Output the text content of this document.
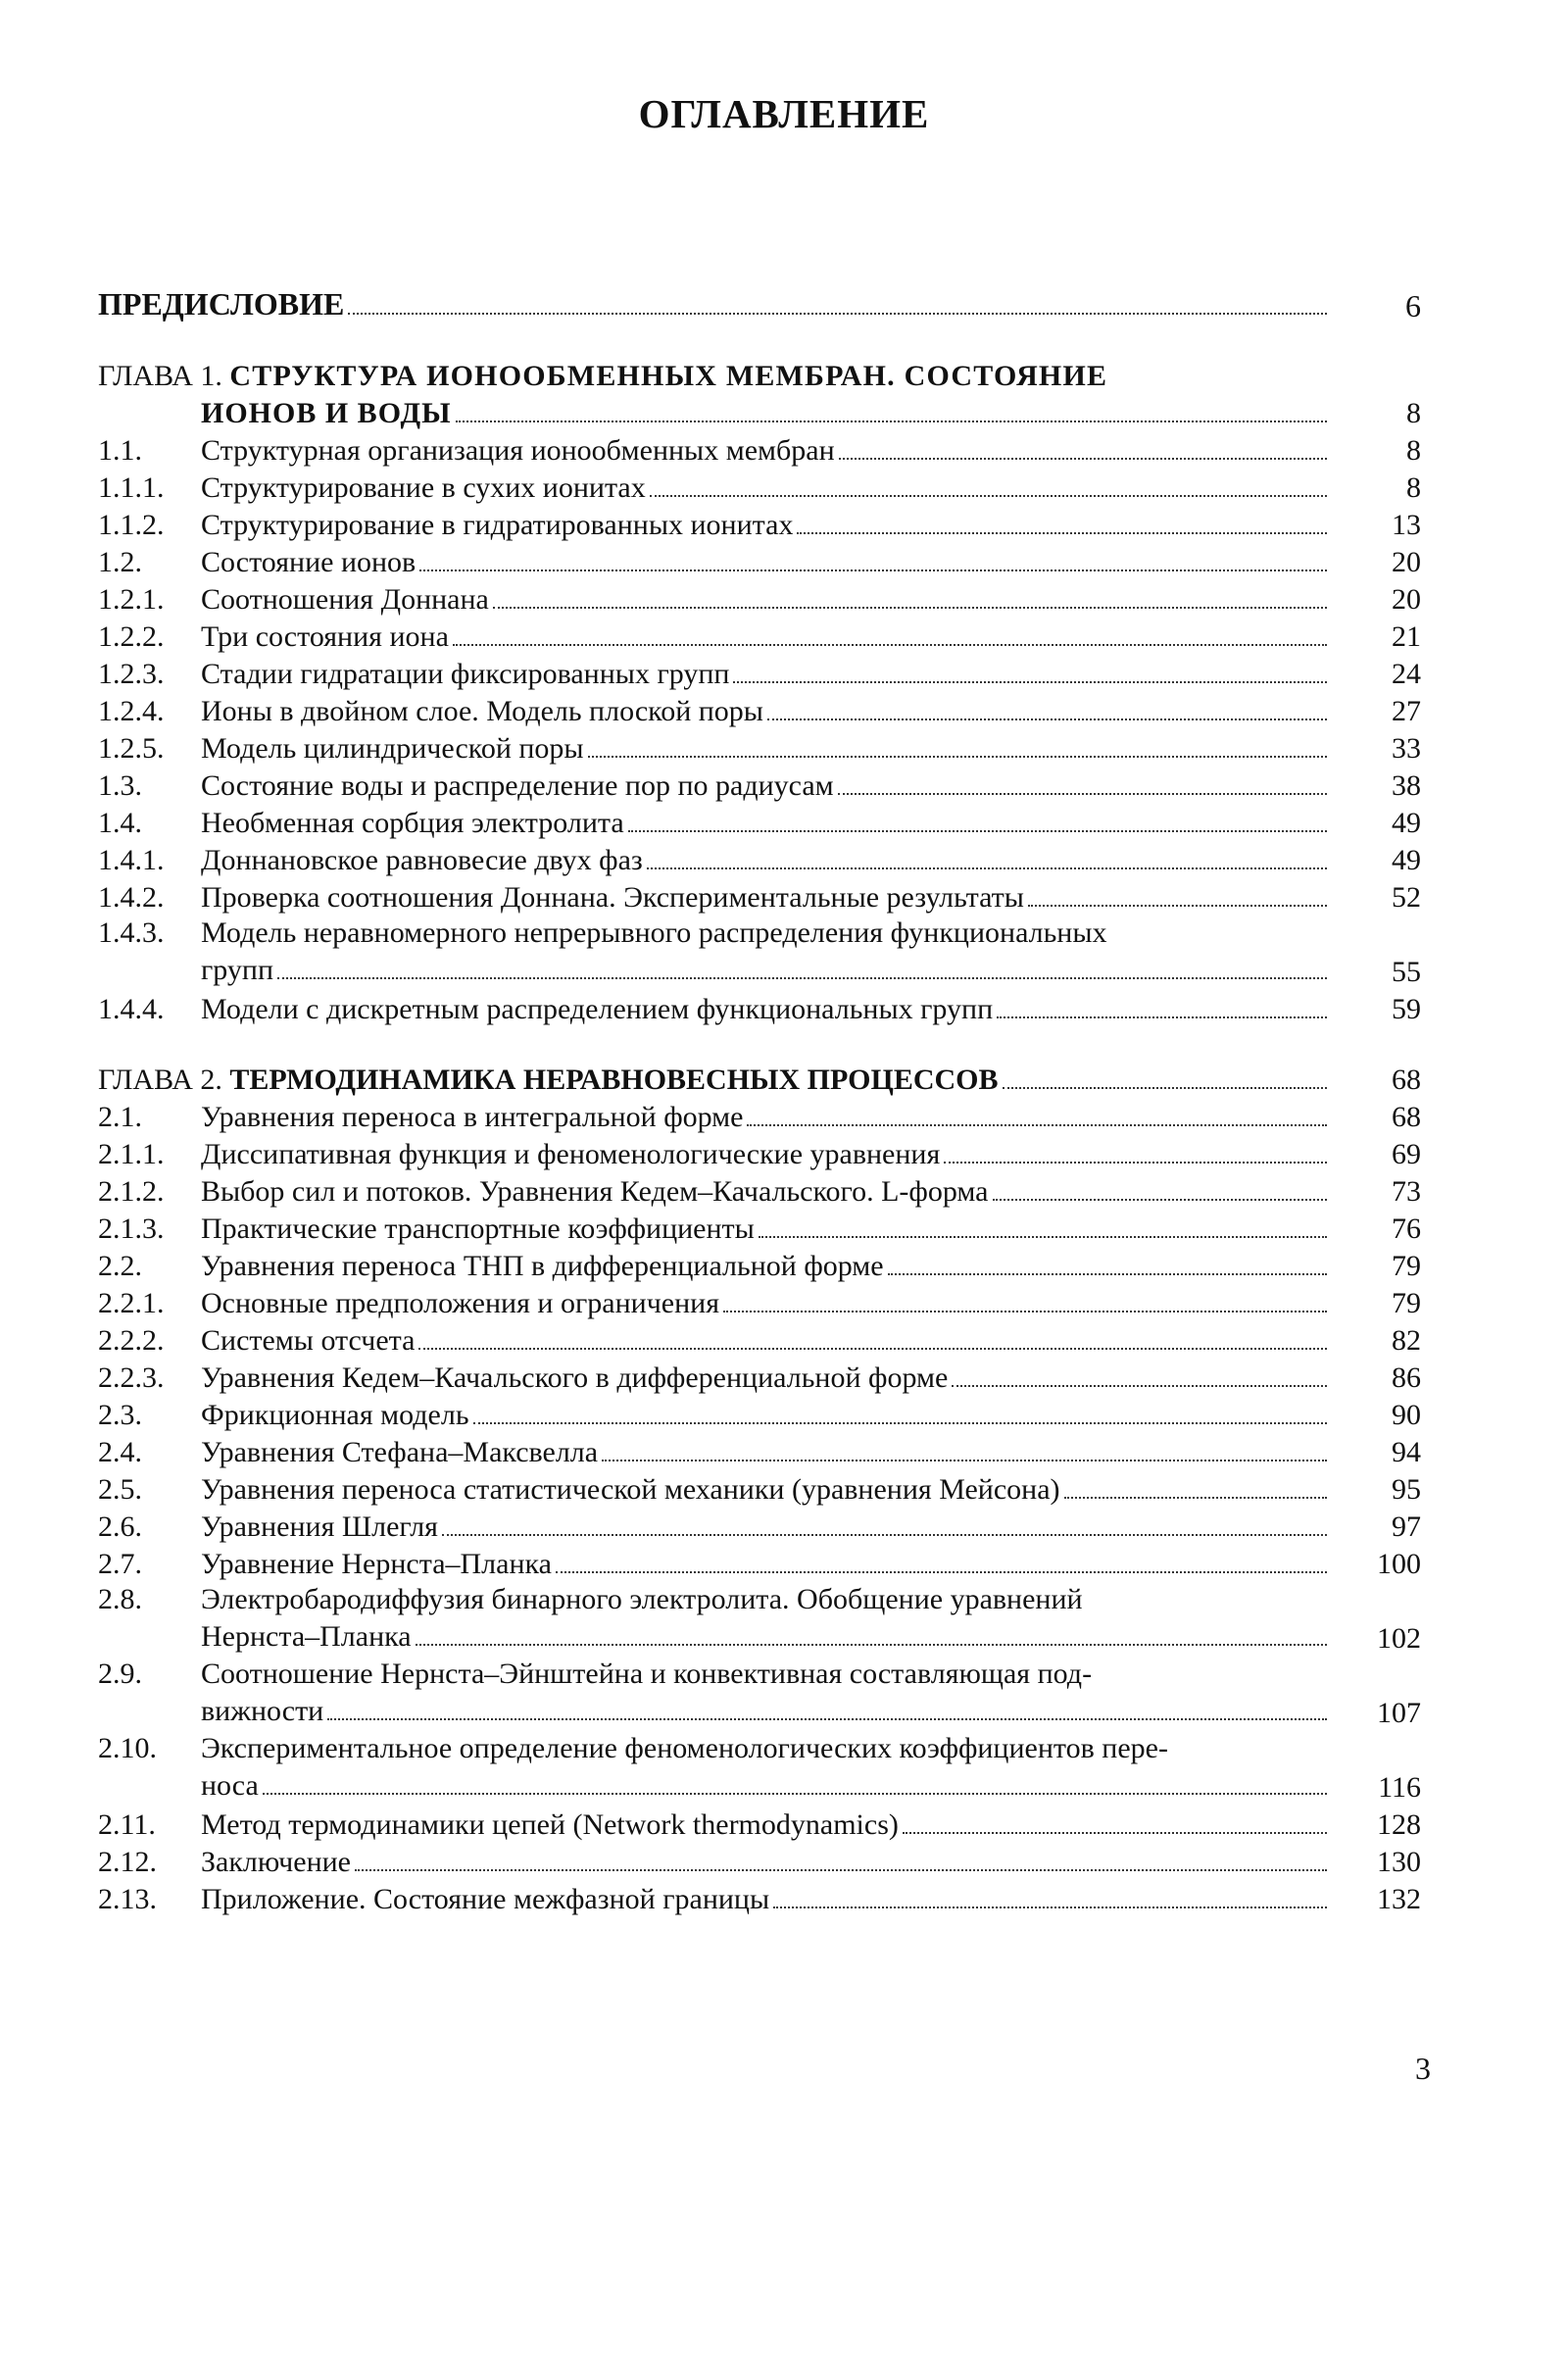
ОГЛАВЛЕНИЕ
ПРЕДИСЛОВИЕ	6
ГЛАВА 1. СТРУКТУРА ИОНООБМЕННЫХ МЕМБРАН. СОСТОЯНИЕ
ИОНОВ И ВОДЫ	8
1.1.	Структурная организация ионообменных мембран	8
1.1.1.	Структурирование в сухих ионитах	8
1.1.2.	Структурирование в гидратированных ионитах	13
1.2.	Состояние ионов	20
1.2.1.	Соотношения Доннана	20
1.2.2.	Три состояния иона	21
1.2.3.	Стадии гидратации фиксированных групп	24
1.2.4.	Ионы в двойном слое. Модель плоской поры	27
1.2.5.	Модель цилиндрической поры	33
1.3.	Состояние воды и распределение пор по радиусам	38
1.4.	Необменная сорбция электролита	49
1.4.1.	Доннановское равновесие двух фаз	49
1.4.2.	Проверка соотношения Доннана. Экспериментальные результаты	52
1.4.3.	Модель неравномерного непрерывного распределения функциональных
групп	55
1.4.4.	Модели с дискретным распределением функциональных групп	59
ГЛАВА 2. ТЕРМОДИНАМИКА НЕРАВНОВЕСНЫХ ПРОЦЕССОВ	68
2.1.	Уравнения переноса в интегральной форме	68
2.1.1.	Диссипативная функция и феноменологические уравнения	69
2.1.2.	Выбор сил и потоков. Уравнения Кедем–Качальского. L-форма	73
2.1.3.	Практические транспортные коэффициенты	76
2.2.	Уравнения переноса ТНП в дифференциальной форме	79
2.2.1.	Основные предположения и ограничения	79
2.2.2.	Системы отсчета	82
2.2.3.	Уравнения Кедем–Качальского в дифференциальной форме	86
2.3.	Фрикционная модель	90
2.4.	Уравнения Стефана–Максвелла	94
2.5.	Уравнения переноса статистической механики (уравнения Мейсона)	95
2.6.	Уравнения Шлегля	97
2.7.	Уравнение Нернста–Планка	100
2.8.	Электробародиффузия бинарного электролита. Обобщение уравнений
Нернста–Планка	102
2.9.	Соотношение Нернста–Эйнштейна и конвективная составляющая под-
вижности	107
2.10.	Экспериментальное определение феноменологических коэффициентов пере-
носа	116
2.11.	Метод термодинамики цепей (Network thermodynamics)	128
2.12.	Заключение	130
2.13.	Приложение. Состояние межфазной границы	132
3
